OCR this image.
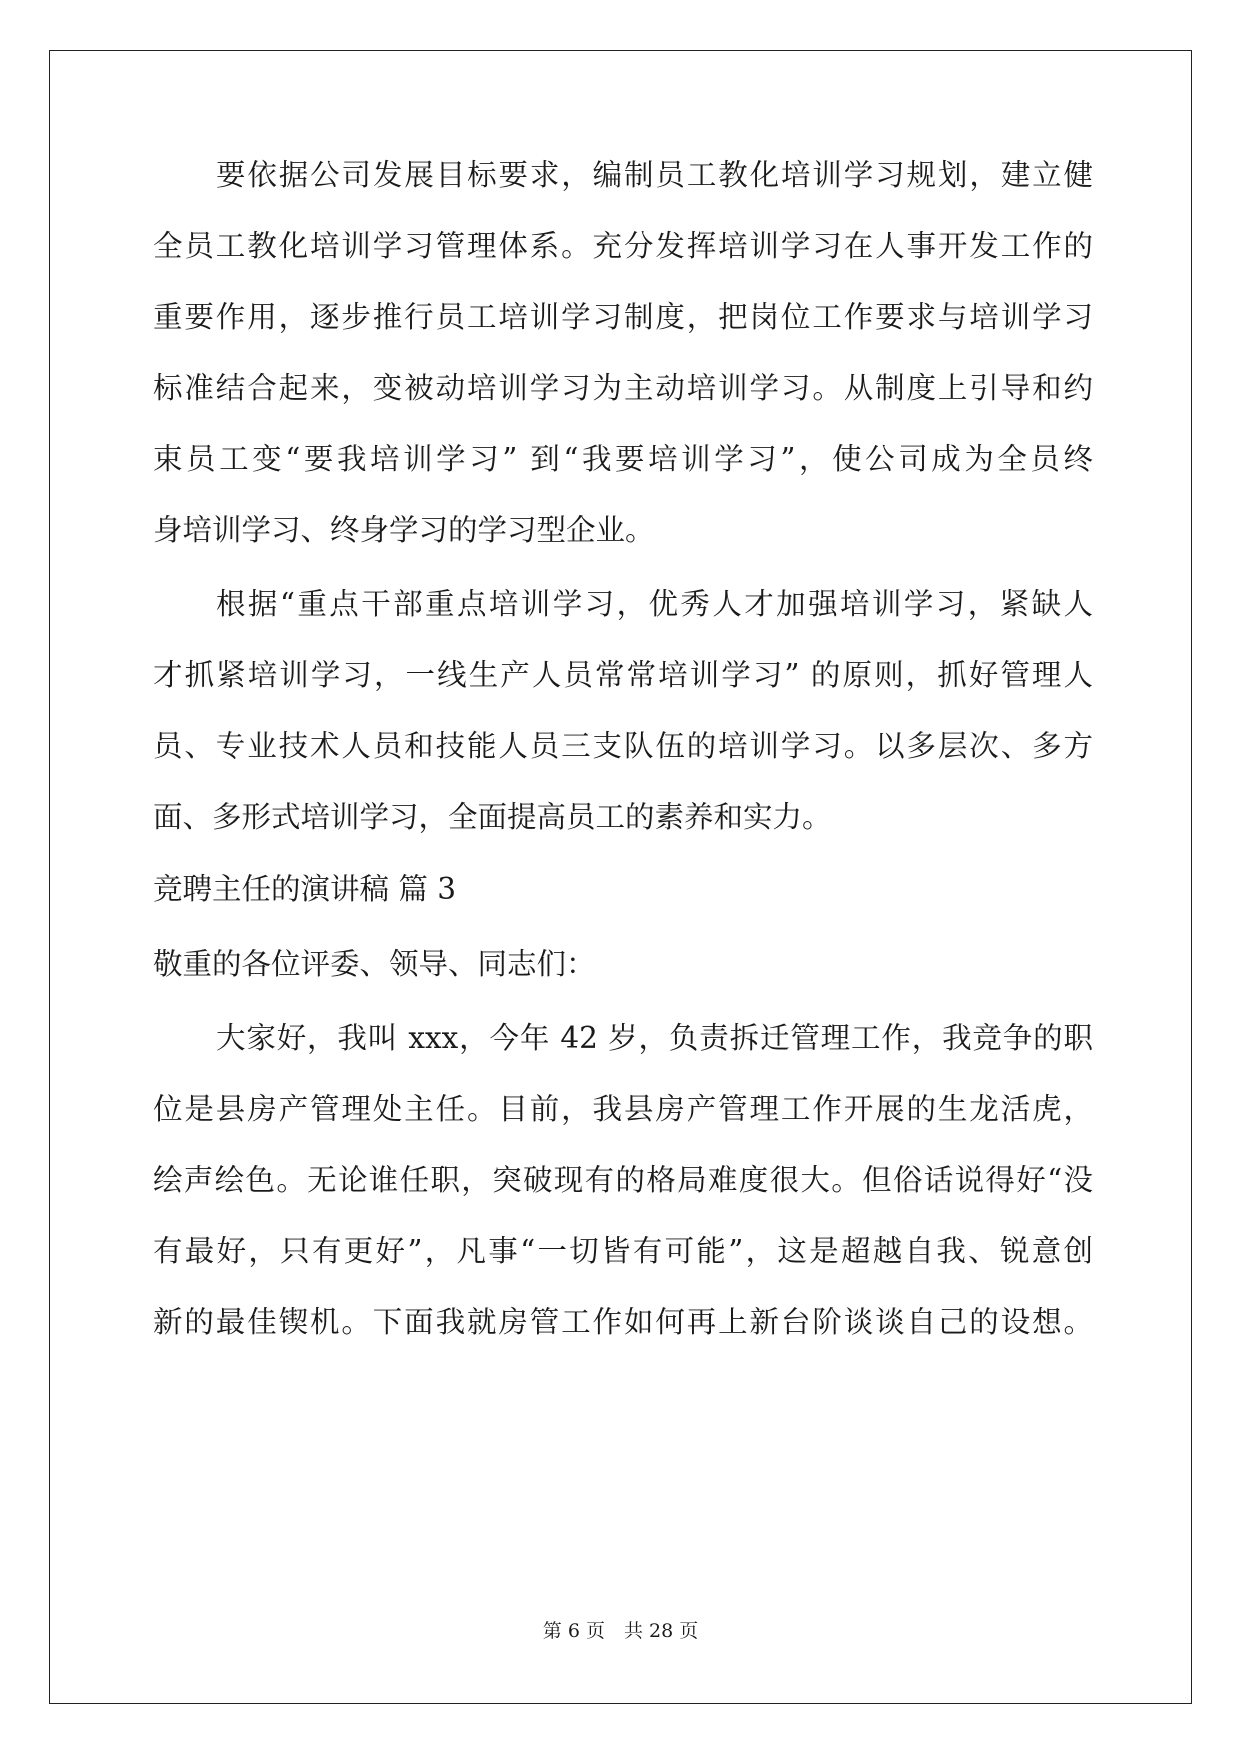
要依据公司发展目标要求，编制员工教化培训学习规划，建立健
全员工教化培训学习管理体系。充分发挥培训学习在人事开发工作的
重要作用，逐步推行员工培训学习制度，把岗位工作要求与培训学习
标准结合起来，变被动培训学习为主动培训学习。从制度上引导和约
束员工变“要我培训学习” 到“我要培训学习”，使公司成为全员终
身培训学习、终身学习的学习型企业。
根据“重点干部重点培训学习，优秀人才加强培训学习，紧缺人
才抓紧培训学习，一线生产人员常常培训学习” 的原则，抓好管理人
员、专业技术人员和技能人员三支队伍的培训学习。以多层次、多方
面、多形式培训学习，全面提高员工的素养和实力。
竞聘主任的演讲稿 篇 3
敬重的各位评委、领导、同志们：
大家好，我叫 xxx，今年 42 岁，负责拆迁管理工作，我竞争的职
位是县房产管理处主任。目前，我县房产管理工作开展的生龙活虎，
绘声绘色。无论谁任职，突破现有的格局难度很大。但俗话说得好“没
有最好，只有更好”，凡事“一切皆有可能”，这是超越自我、锐意创
新的最佳锲机。下面我就房管工作如何再上新台阶谈谈自己的设想。
第 6 页　共 28 页
